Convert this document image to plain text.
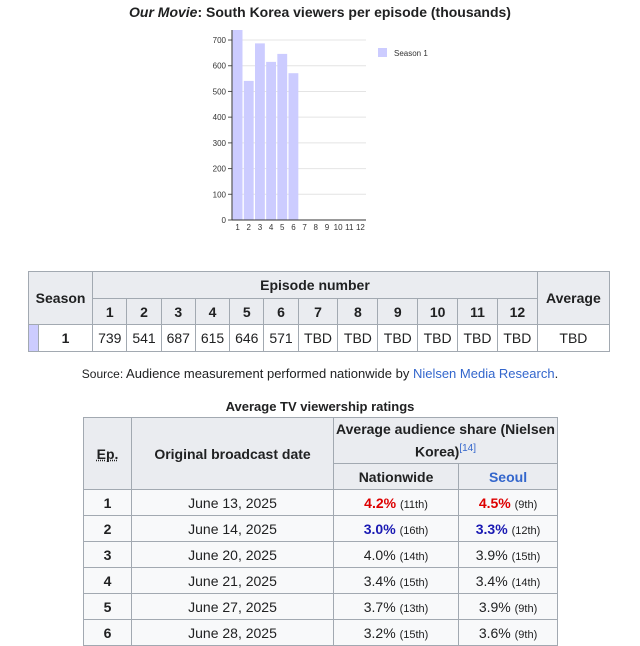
Our Movie: South Korea viewers per episode (thousands)
0
100
200
300
400
500
600
700
1 2 3 4 5 6 7 8 9 10 11 12
Season 1
Season		Episode number												Average
		1	2	3	4	5	6	7	8	9	10	11	12	
	1	739	541	687	615	646	571	TBD	TBD	TBD	TBD	TBD	TBD	TBD
Source: Audience measurement performed nationwide by Nielsen Media Research.
Average TV viewership ratings
Ep.	Original broadcast date	Average audience share (Nielsen Korea)[14]
		Nationwide	Seoul
1	June 13, 2025	4.2% (11th)	4.5% (9th)
2	June 14, 2025	3.0% (16th)	3.3% (12th)
3	June 20, 2025	4.0% (14th)	3.9% (15th)
4	June 21, 2025	3.4% (15th)	3.4% (14th)
5	June 27, 2025	3.7% (13th)	3.9% (9th)
6	June 28, 2025	3.2% (15th)	3.6% (9th)
